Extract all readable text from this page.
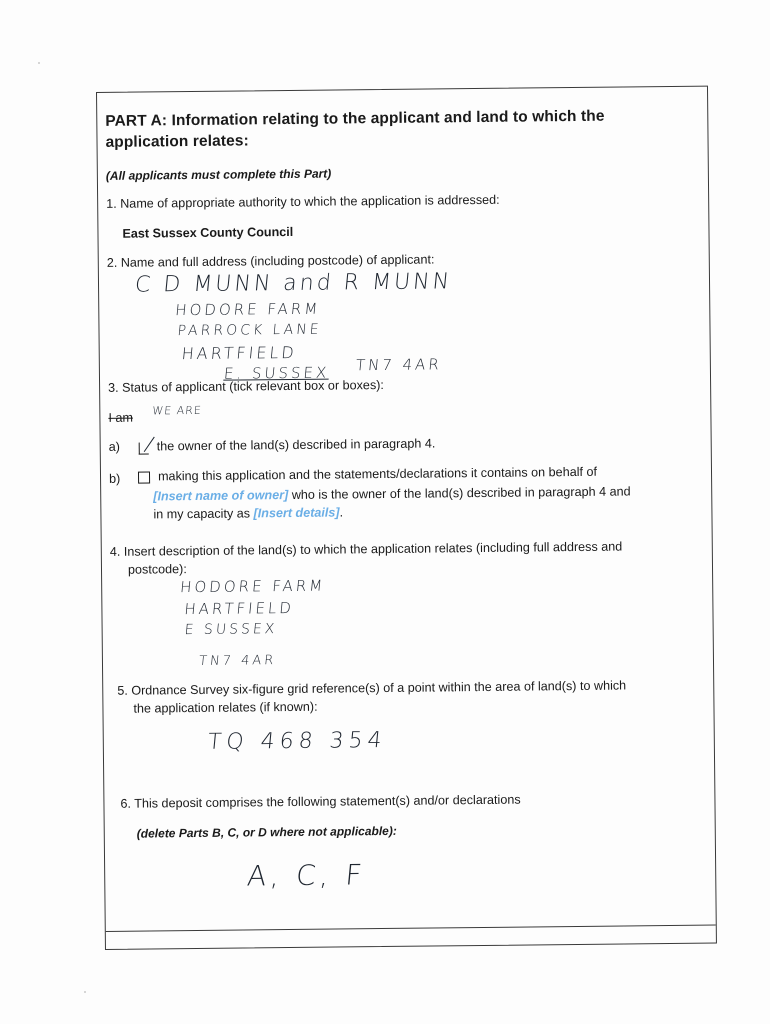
PART A: Information relating to the applicant and land to which the
application relates:
(All applicants must complete this Part)
1. Name of appropriate authority to which the application is addressed:
East Sussex County Council
2. Name and full address (including postcode) of applicant:
C D MUNN and R MUNN
HODORE FARM
PARROCK LANE
HARTFIELD
E. SUSSEX TN7 4AR
3. Status of applicant (tick relevant box or boxes):
I am WE ARE
a)	the owner of the land(s) described in paragraph 4.
b)	making this application and the statements/declarations it contains on behalf of
[Insert name of owner] who is the owner of the land(s) described in paragraph 4 and
in my capacity as [Insert details].
4. Insert description of the land(s) to which the application relates (including full address and
postcode):
HODORE FARM
HARTFIELD
E SUSSEX
TN7 4AR
5. Ordnance Survey six-figure grid reference(s) of a point within the area of land(s) to which
the application relates (if known):
TQ 468 354
6. This deposit comprises the following statement(s) and/or declarations
(delete Parts B, C, or D where not applicable):
A, C, F
